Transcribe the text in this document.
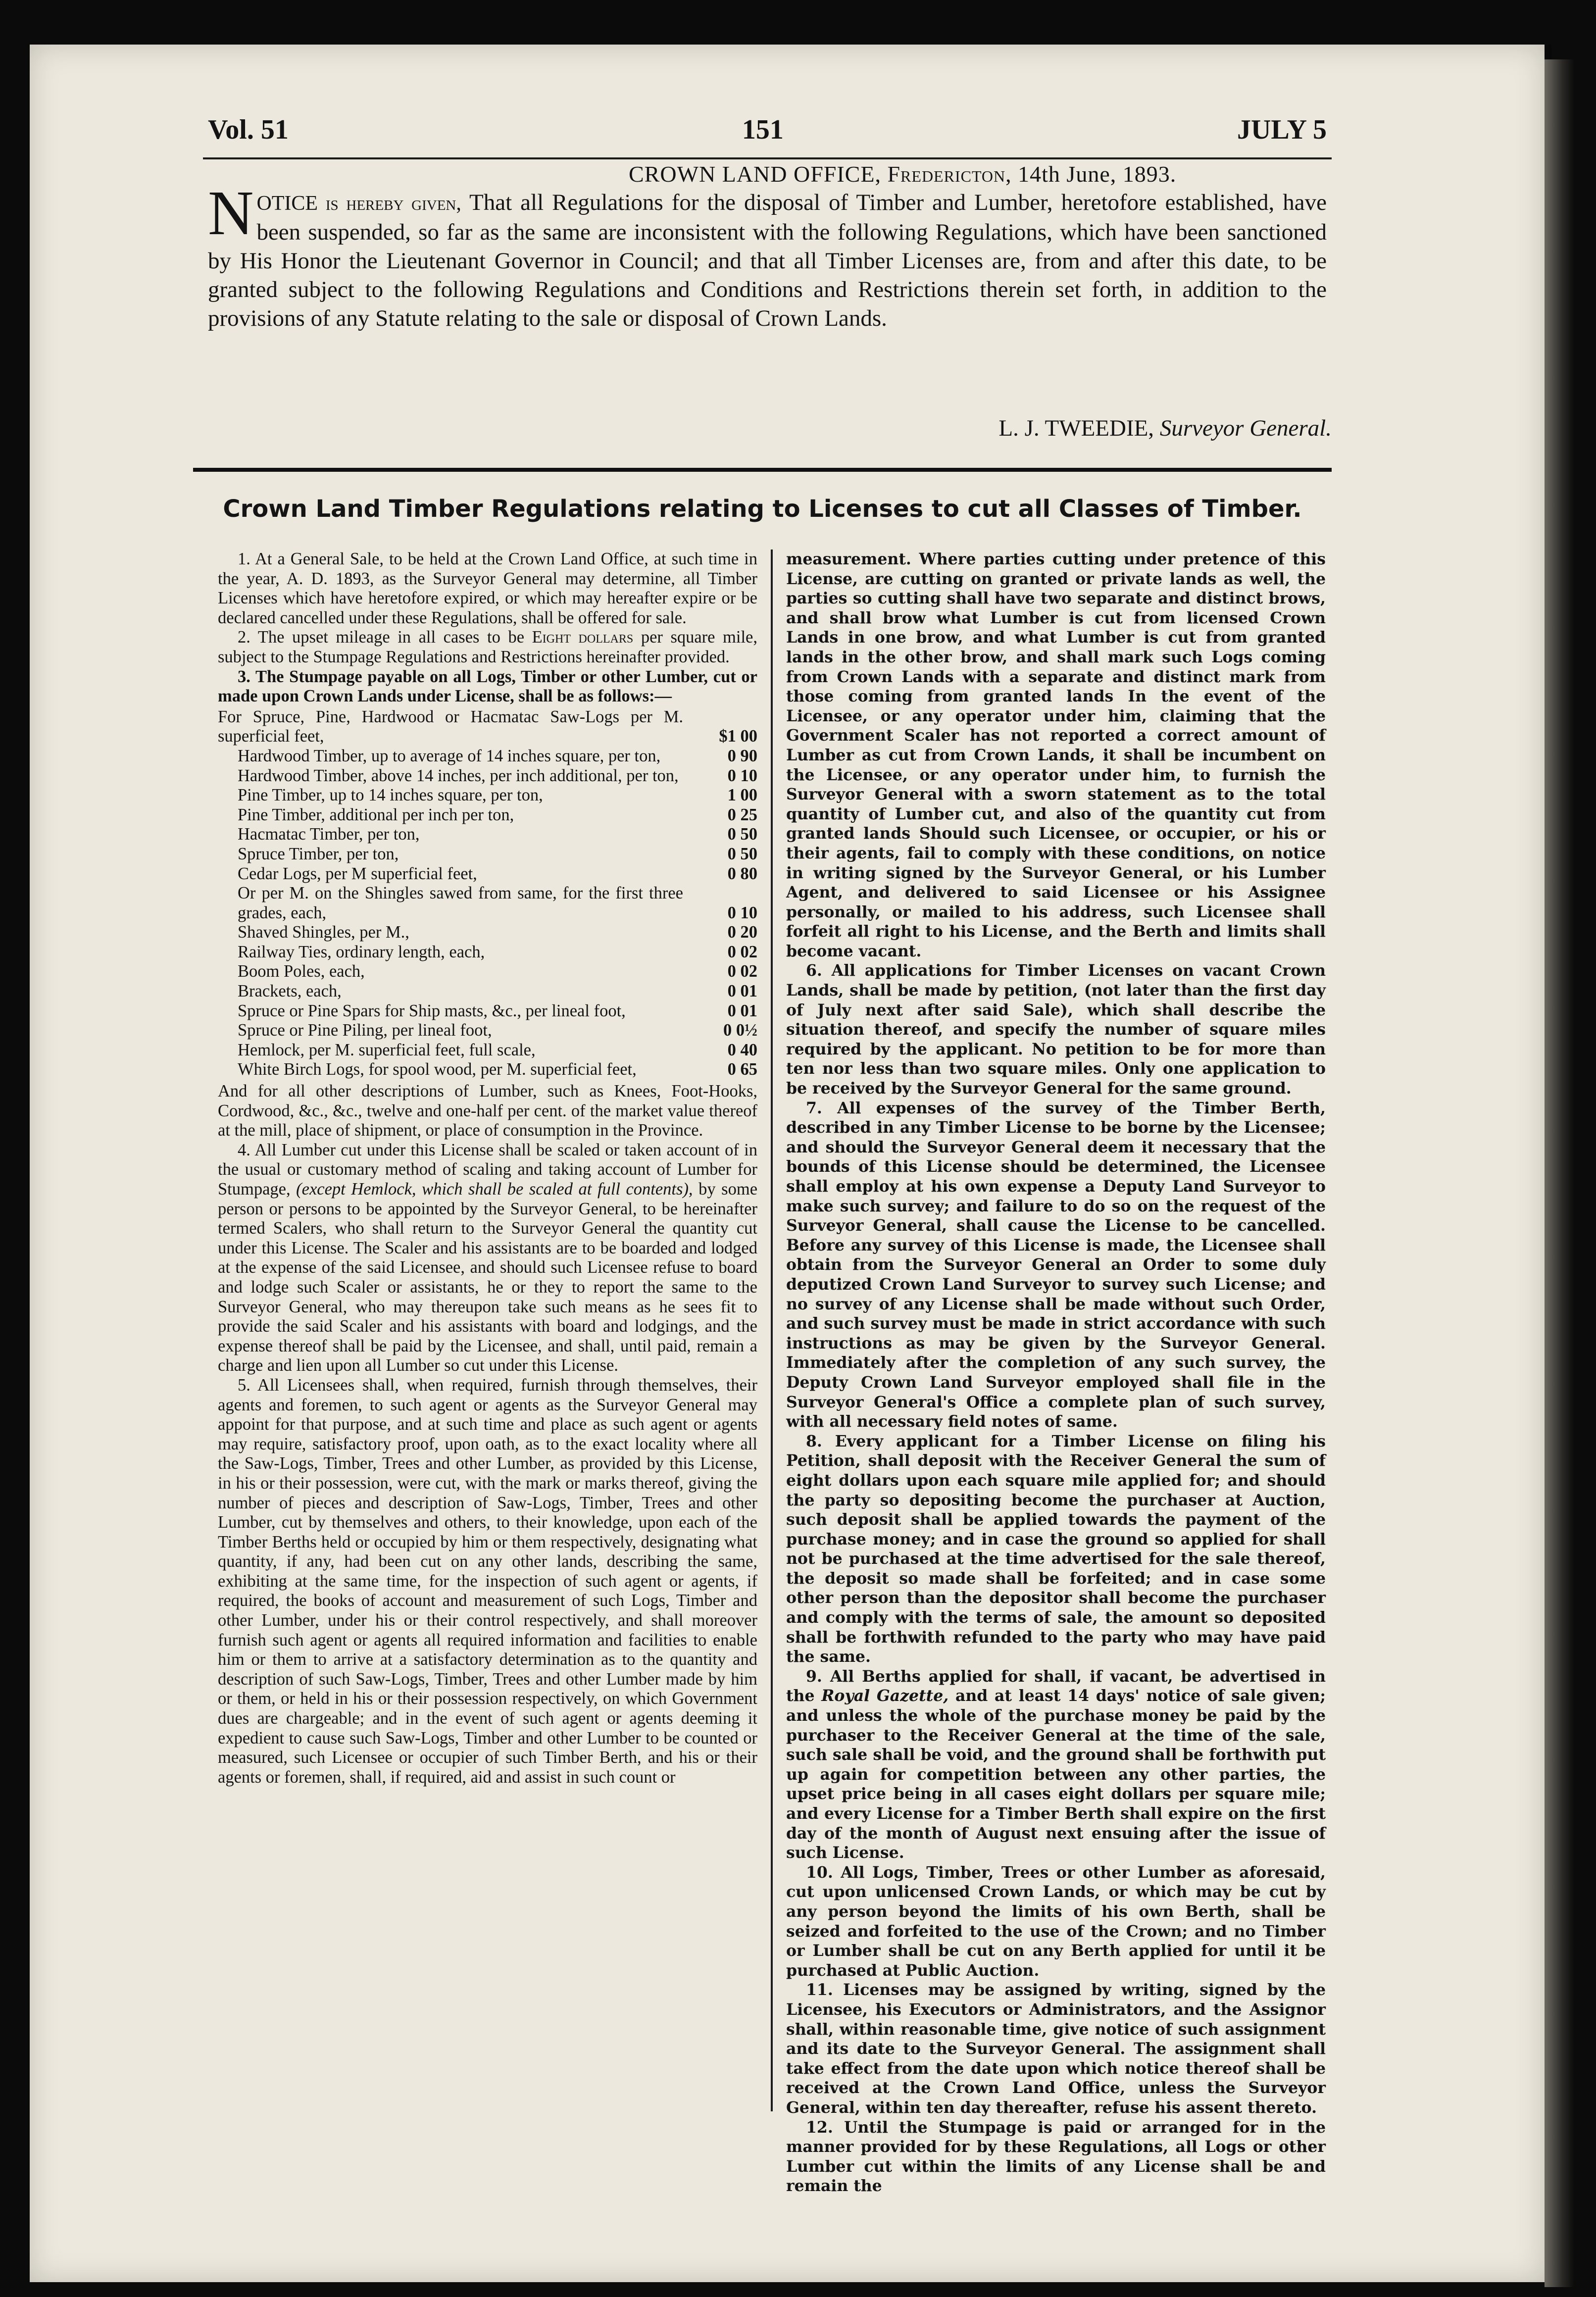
Vol. 51	151	JULY 5
CROWN LAND OFFICE, Fredericton, 14th June, 1893.
N OTICE is hereby given, That all Regulations for the disposal of Timber and Lumber, heretofore established, have been suspended, so far as the same are inconsistent with the following Regulations, which have been sanctioned by His Honor the Lieutenant Governor in Council; and that all Timber Licenses are, from and after this date, to be granted subject to the following Regulations and Conditions and Restrictions therein set forth, in addition to the provisions of any Statute relating to the sale or disposal of Crown Lands.
L. J. TWEEDIE, Surveyor General.
Crown Land Timber Regulations relating to Licenses to cut all Classes of Timber.

1. At a General Sale, to be held at the Crown Land Office, at such time in the year, A. D. 1893, as the Surveyor General may determine, all Timber Licenses which have heretofore expired, or which may hereafter expire or be declared cancelled under these Regulations, shall be offered for sale.

2. The upset mileage in all cases to be Eight dollars per square mile, subject to the Stumpage Regulations and Restrictions hereinafter provided.

3. The Stumpage payable on all Logs, Timber or other Lumber, cut or made upon Crown Lands under License, shall be as follows:—

For Spruce, Pine, Hardwood or Hacmatac Saw-Logs per M. superficial feet,	$1 00
Hardwood Timber, up to average of 14 inches square, per ton,	0 90
Hardwood Timber, above 14 inches, per inch additional, per ton,	0 10
Pine Timber, up to 14 inches square, per ton,	1 00
Pine Timber, additional per inch per ton,	0 25
Hacmatac Timber, per ton,	0 50
Spruce Timber, per ton,	0 50
Cedar Logs, per M superficial feet,	0 80
Or per M. on the Shingles sawed from same, for the first three grades, each,	0 10
Shaved Shingles, per M.,	0 20
Railway Ties, ordinary length, each,	0 02
Boom Poles, each,	0 02
Brackets, each,	0 01
Spruce or Pine Spars for Ship masts, &c., per lineal foot,	0 01
Spruce or Pine Piling, per lineal foot,	0 0½
Hemlock, per M. superficial feet, full scale,	0 40
White Birch Logs, for spool wood, per M. superficial feet,	0 65

And for all other descriptions of Lumber, such as Knees, Foot-Hooks, Cordwood, &c., &c., twelve and one-half per cent. of the market value thereof at the mill, place of shipment, or place of consumption in the Province.

4. All Lumber cut under this License shall be scaled or taken account of in the usual or customary method of scaling and taking account of Lumber for Stumpage, (except Hemlock, which shall be scaled at full contents), by some person or persons to be appointed by the Surveyor General, to be hereinafter termed Scalers, who shall return to the Surveyor General the quantity cut under this License. The Scaler and his assistants are to be boarded and lodged at the expense of the said Licensee, and should such Licensee refuse to board and lodge such Scaler or assistants, he or they to report the same to the Surveyor General, who may thereupon take such means as he sees fit to provide the said Scaler and his assistants with board and lodgings, and the expense thereof shall be paid by the Licensee, and shall, until paid, remain a charge and lien upon all Lumber so cut under this License.

5. All Licensees shall, when required, furnish through themselves, their agents and foremen, to such agent or agents as the Surveyor General may appoint for that purpose, and at such time and place as such agent or agents may require, satisfactory proof, upon oath, as to the exact locality where all the Saw-Logs, Timber, Trees and other Lumber, as provided by this License, in his or their possession, were cut, with the mark or marks thereof, giving the number of pieces and description of Saw-Logs, Timber, Trees and other Lumber, cut by themselves and others, to their knowledge, upon each of the Timber Berths held or occupied by him or them respectively, designating what quantity, if any, had been cut on any other lands, describing the same, exhibiting at the same time, for the inspection of such agent or agents, if required, the books of account and measurement of such Logs, Timber and other Lumber, under his or their control respectively, and shall moreover furnish such agent or agents all required information and facilities to enable him or them to arrive at a satisfactory determination as to the quantity and description of such Saw-Logs, Timber, Trees and other Lumber made by him or them, or held in his or their possession respectively, on which Government dues are chargeable; and in the event of such agent or agents deeming it expedient to cause such Saw-Logs, Timber and other Lumber to be counted or measured, such Licensee or occupier of such Timber Berth, and his or their agents or foremen, shall, if required, aid and assist in such count or

measurement. Where parties cutting under pretence of this License, are cutting on granted or private lands as well, the parties so cutting shall have two separate and distinct brows, and shall brow what Lumber is cut from licensed Crown Lands in one brow, and what Lumber is cut from granted lands in the other brow, and shall mark such Logs coming from Crown Lands with a separate and distinct mark from those coming from granted lands In the event of the Licensee, or any operator under him, claiming that the Government Scaler has not reported a correct amount of Lumber as cut from Crown Lands, it shall be incumbent on the Licensee, or any operator under him, to furnish the Surveyor General with a sworn statement as to the total quantity of Lumber cut, and also of the quantity cut from granted lands Should such Licensee, or occupier, or his or their agents, fail to comply with these conditions, on notice in writing signed by the Surveyor General, or his Lumber Agent, and delivered to said Licensee or his Assignee personally, or mailed to his address, such Licensee shall forfeit all right to his License, and the Berth and limits shall become vacant.

6. All applications for Timber Licenses on vacant Crown Lands, shall be made by petition, (not later than the first day of July next after said Sale), which shall describe the situation thereof, and specify the number of square miles required by the applicant. No petition to be for more than ten nor less than two square miles. Only one application to be received by the Surveyor General for the same ground.

7. All expenses of the survey of the Timber Berth, described in any Timber License to be borne by the Licensee; and should the Surveyor General deem it necessary that the bounds of this License should be determined, the Licensee shall employ at his own expense a Deputy Land Surveyor to make such survey; and failure to do so on the request of the Surveyor General, shall cause the License to be cancelled. Before any survey of this License is made, the Licensee shall obtain from the Surveyor General an Order to some duly deputized Crown Land Surveyor to survey such License; and no survey of any License shall be made without such Order, and such survey must be made in strict accordance with such instructions as may be given by the Surveyor General. Immediately after the completion of any such survey, the Deputy Crown Land Surveyor employed shall file in the Surveyor General's Office a complete plan of such survey, with all necessary field notes of same.

8. Every applicant for a Timber License on filing his Petition, shall deposit with the Receiver General the sum of eight dollars upon each square mile applied for; and should the party so depositing become the purchaser at Auction, such deposit shall be applied towards the payment of the purchase money; and in case the ground so applied for shall not be purchased at the time advertised for the sale thereof, the deposit so made shall be forfeited; and in case some other person than the depositor shall become the purchaser and comply with the terms of sale, the amount so deposited shall be forthwith refunded to the party who may have paid the same.

9. All Berths applied for shall, if vacant, be advertised in the Royal Gazette, and at least 14 days' notice of sale given; and unless the whole of the purchase money be paid by the purchaser to the Receiver General at the time of the sale, such sale shall be void, and the ground shall be forthwith put up again for competition between any other parties, the upset price being in all cases eight dollars per square mile; and every License for a Timber Berth shall expire on the first day of the month of August next ensuing after the issue of such License.

10. All Logs, Timber, Trees or other Lumber as aforesaid, cut upon unlicensed Crown Lands, or which may be cut by any person beyond the limits of his own Berth, shall be seized and forfeited to the use of the Crown; and no Timber or Lumber shall be cut on any Berth applied for until it be purchased at Public Auction.

11. Licenses may be assigned by writing, signed by the Licensee, his Executors or Administrators, and the Assignor shall, within reasonable time, give notice of such assignment and its date to the Surveyor General. The assignment shall take effect from the date upon which notice thereof shall be received at the Crown Land Office, unless the Surveyor General, within ten day thereafter, refuse his assent thereto.

12. Until the Stumpage is paid or arranged for in the manner provided for by these Regulations, all Logs or other Lumber cut within the limits of any License shall be and remain the
